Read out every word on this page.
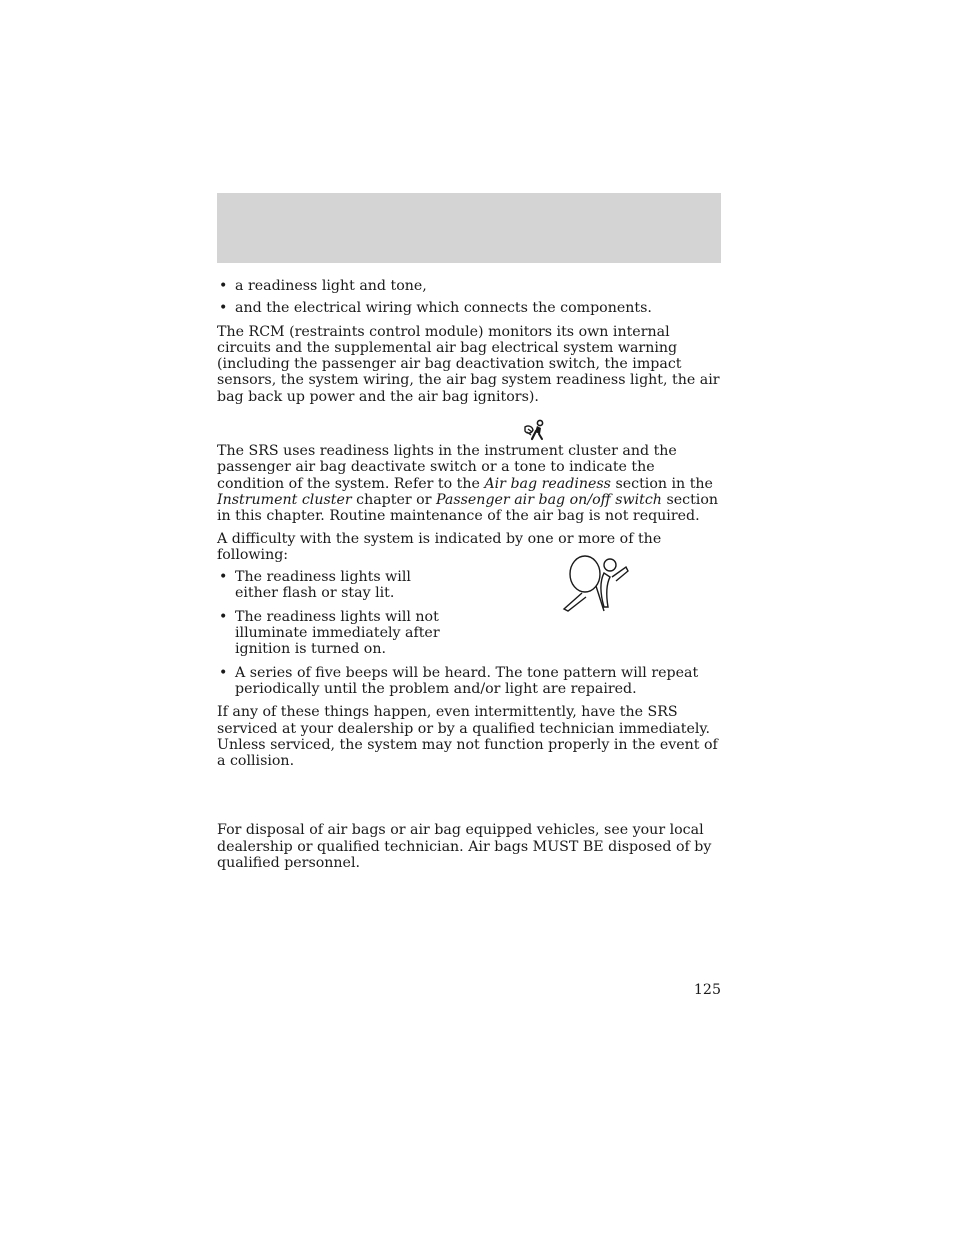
• a readiness light and tone,

• and the electrical wiring which connects the components.

The RCM (restraints control module) monitors its own internal circuits and the supplemental air bag electrical system warning (including the passenger air bag deactivation switch, the impact sensors, the system wiring, the air bag system readiness light, the air bag back up power and the air bag ignitors).

The SRS uses readiness lights in the instrument cluster and the passenger air bag deactivate switch or a tone to indicate the condition of the system. Refer to the Air bag readiness section in the Instrument cluster chapter or Passenger air bag on/off switch section in this chapter. Routine maintenance of the air bag is not required.

A difficulty with the system is indicated by one or more of the following:

• The readiness lights will either flash or stay lit.

• The readiness lights will not illuminate immediately after ignition is turned on.

• A series of five beeps will be heard. The tone pattern will repeat periodically until the problem and/or light are repaired.

If any of these things happen, even intermittently, have the SRS serviced at your dealership or by a qualified technician immediately. Unless serviced, the system may not function properly in the event of a collision.

For disposal of air bags or air bag equipped vehicles, see your local dealership or qualified technician. Air bags MUST BE disposed of by qualified personnel.

125
